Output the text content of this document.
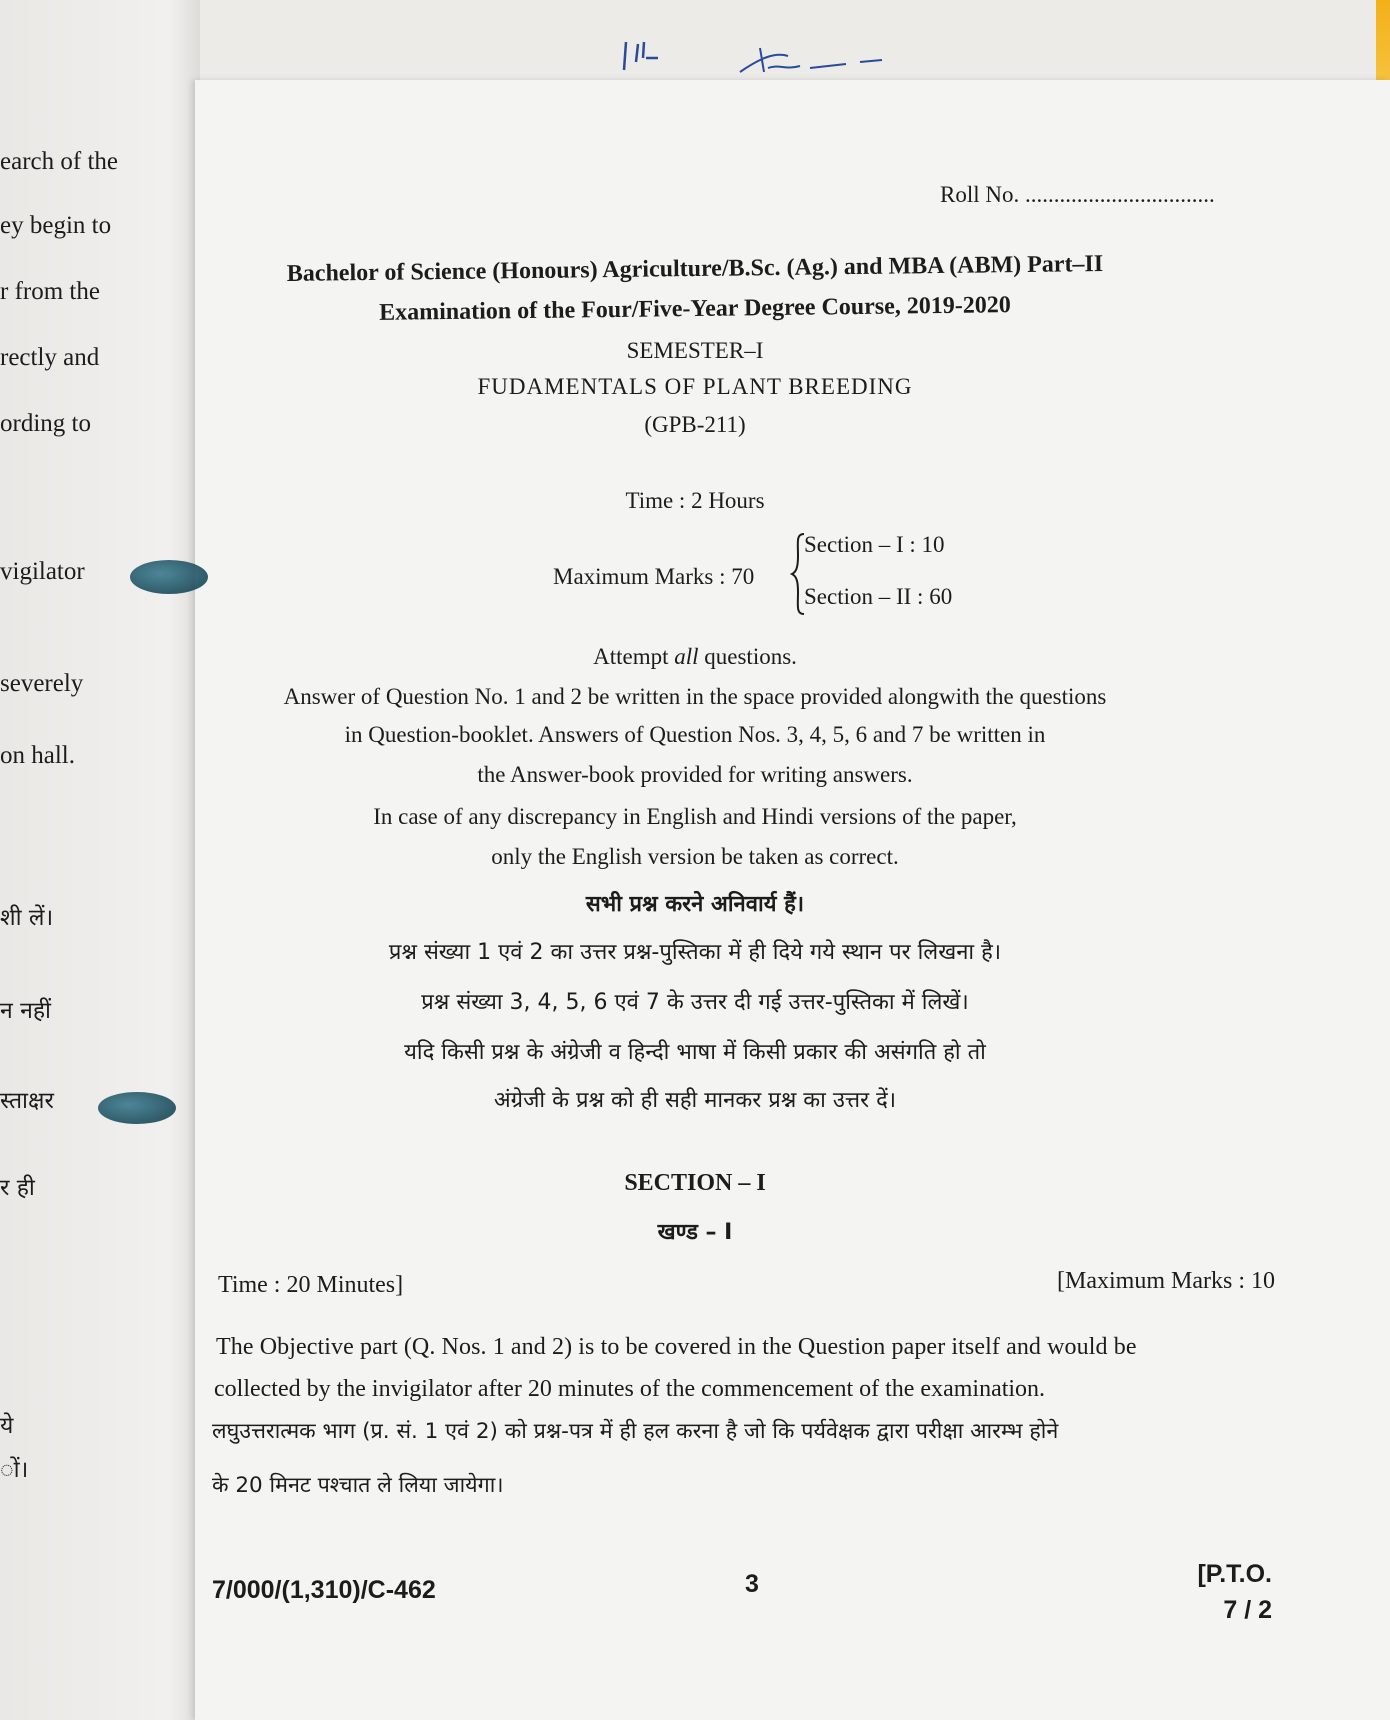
earch of the
ey begin to
r from the
rectly and
ording to
vigilator
severely
on hall.
शी लें।
न नहीं
स्ताक्षर
र ही
ये
ों।
Roll No. .................................
Bachelor of Science (Honours) Agriculture/B.Sc. (Ag.) and MBA (ABM) Part–II
Examination of the Four/Five-Year Degree Course, 2019-2020
SEMESTER–I
FUDAMENTALS OF PLANT BREEDING
(GPB-211)
Time : 2 Hours
Maximum Marks : 70
Section – I : 10
Section – II : 60
Attempt all questions.
Answer of Question No. 1 and 2 be written in the space provided alongwith the questions
in Question-booklet. Answers of Question Nos. 3, 4, 5, 6 and 7 be written in
the Answer-book provided for writing answers.
In case of any discrepancy in English and Hindi versions of the paper,
only the English version be taken as correct.
सभी प्रश्न करने अनिवार्य हैं।
प्रश्न संख्या 1 एवं 2 का उत्तर प्रश्न-पुस्तिका में ही दिये गये स्थान पर लिखना है।
प्रश्न संख्या 3, 4, 5, 6 एवं 7 के उत्तर दी गई उत्तर-पुस्तिका में लिखें।
यदि किसी प्रश्न के अंग्रेजी व हिन्दी भाषा में किसी प्रकार की असंगति हो तो
अंग्रेजी के प्रश्न को ही सही मानकर प्रश्न का उत्तर दें।
SECTION – I
खण्ड – I
Time : 20 Minutes]	[Maximum Marks : 10
The Objective part (Q. Nos. 1 and 2) is to be covered in the Question paper itself and would be
collected by the invigilator after 20 minutes of the commencement of the examination.
लघुउत्तरात्मक भाग (प्र. सं. 1 एवं 2) को प्रश्न-पत्र में ही हल करना है जो कि पर्यवेक्षक द्वारा परीक्षा आरम्भ होने
के 20 मिनट पश्चात ले लिया जायेगा।
7/000/(1,310)/C-462	3	[P.T.O.
7 / 2
